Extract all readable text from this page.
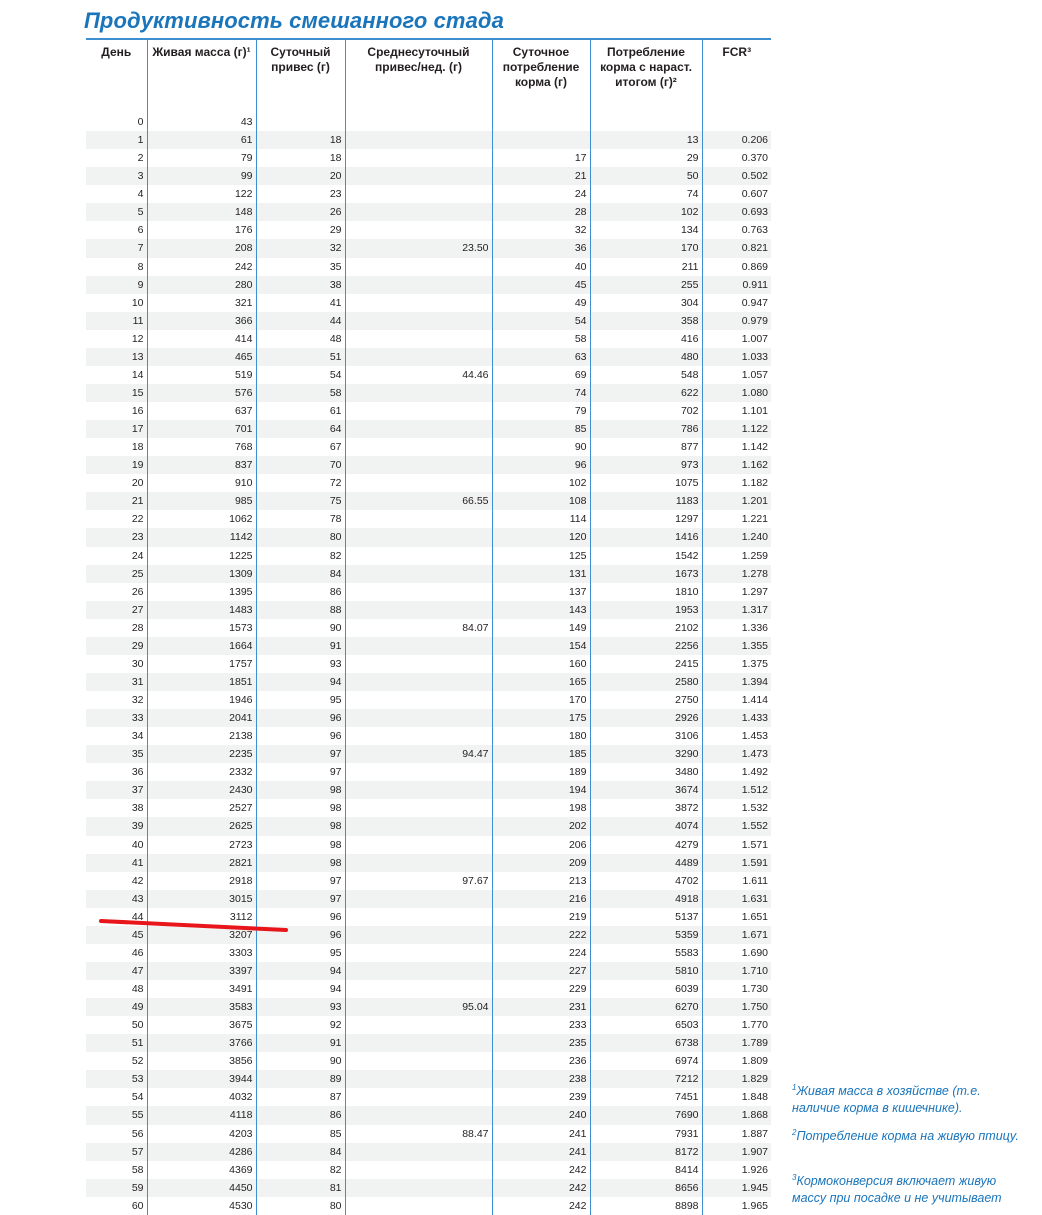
Продуктивность смешанного стада
День	Живая масса (г)¹	Суточный привес (г)	Среднесуточный привес/нед. (г)	Суточное потребление корма (г)	Потребление корма с нараст. итогом (г)²	FCR³

0	43					
1	61	18			13	0.206
2	79	18		17	29	0.370
3	99	20		21	50	0.502
4	122	23		24	74	0.607
5	148	26		28	102	0.693
6	176	29		32	134	0.763
7	208	32	23.50	36	170	0.821
8	242	35		40	211	0.869
9	280	38		45	255	0.911
10	321	41		49	304	0.947
11	366	44		54	358	0.979
12	414	48		58	416	1.007
13	465	51		63	480	1.033
14	519	54	44.46	69	548	1.057
15	576	58		74	622	1.080
16	637	61		79	702	1.101
17	701	64		85	786	1.122
18	768	67		90	877	1.142
19	837	70		96	973	1.162
20	910	72		102	1075	1.182
21	985	75	66.55	108	1183	1.201
22	1062	78		114	1297	1.221
23	1142	80		120	1416	1.240
24	1225	82		125	1542	1.259
25	1309	84		131	1673	1.278
26	1395	86		137	1810	1.297
27	1483	88		143	1953	1.317
28	1573	90	84.07	149	2102	1.336
29	1664	91		154	2256	1.355
30	1757	93		160	2415	1.375
31	1851	94		165	2580	1.394
32	1946	95		170	2750	1.414
33	2041	96		175	2926	1.433
34	2138	96		180	3106	1.453
35	2235	97	94.47	185	3290	1.473
36	2332	97		189	3480	1.492
37	2430	98		194	3674	1.512
38	2527	98		198	3872	1.532
39	2625	98		202	4074	1.552
40	2723	98		206	4279	1.571
41	2821	98		209	4489	1.591
42	2918	97	97.67	213	4702	1.611
43	3015	97		216	4918	1.631
44	3112	96		219	5137	1.651
45	3207	96		222	5359	1.671
46	3303	95		224	5583	1.690
47	3397	94		227	5810	1.710
48	3491	94		229	6039	1.730
49	3583	93	95.04	231	6270	1.750
50	3675	92		233	6503	1.770
51	3766	91		235	6738	1.789
52	3856	90		236	6974	1.809
53	3944	89		238	7212	1.829
54	4032	87		239	7451	1.848
55	4118	86		240	7690	1.868
56	4203	85	88.47	241	7931	1.887
57	4286	84		241	8172	1.907
58	4369	82		242	8414	1.926
59	4450	81		242	8656	1.945
60	4530	80		242	8898	1.965
$^1$Живая масса в хозяйстве (т.е. наличие корма в кишечнике).
$^2$Потребление корма на живую птицу.
$^3$Кормоконверсия включает живую массу при посадке и не учитывает
